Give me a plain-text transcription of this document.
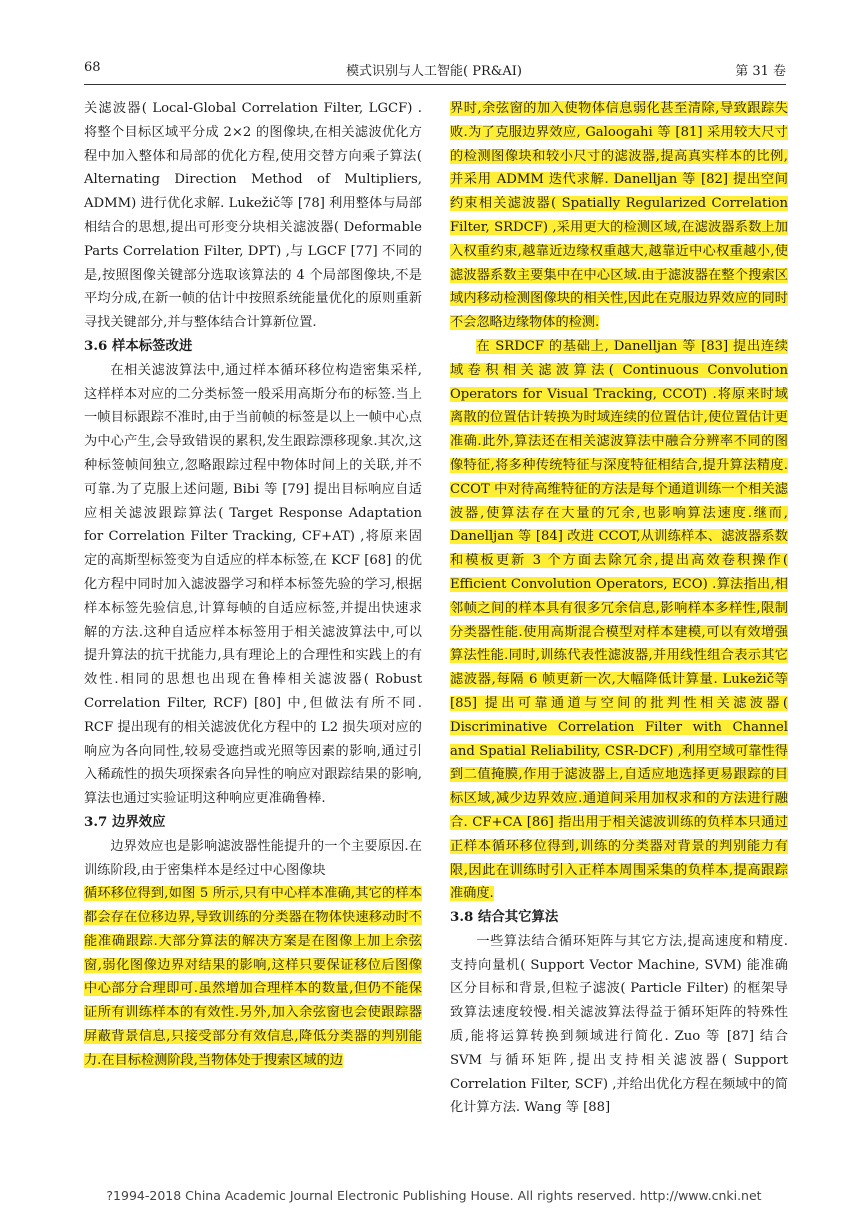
68	模式识别与人工智能( PR&AI)	第 31 卷

关滤波器( Local-Global Correlation Filter, LGCF) .将整个目标区域平分成 2×2 的图像块,在相关滤波优化方程中加入整体和局部的优化方程,使用交替方向乘子算法( Alternating Direction Method of Multipliers, ADMM) 进行优化求解. Lukežič等 [78] 利用整体与局部相结合的思想,提出可形变分块相关滤波器( Deformable Parts Correlation Filter, DPT) ,与 LGCF [77] 不同的是,按照图像关键部分选取该算法的 4 个局部图像块,不是平均分成,在新一帧的估计中按照系统能量优化的原则重新寻找关键部分,并与整体结合计算新位置.

3.6 样本标签改进

在相关滤波算法中,通过样本循环移位构造密集采样,这样样本对应的二分类标签一般采用高斯分布的标签.当上一帧目标跟踪不准时,由于当前帧的标签是以上一帧中心点为中心产生,会导致错误的累积,发生跟踪漂移现象.其次,这种标签帧间独立,忽略跟踪过程中物体时间上的关联,并不可靠.为了克服上述问题, Bibi 等 [79] 提出目标响应自适应相关滤波跟踪算法( Target Response Adaptation for Correlation Filter Tracking, CF+AT) ,将原来固定的高斯型标签变为自适应的样本标签,在 KCF [68] 的优化方程中同时加入滤波器学习和样本标签先验的学习,根据样本标签先验信息,计算每帧的自适应标签,并提出快速求解的方法.这种自适应样本标签用于相关滤波算法中,可以提升算法的抗干扰能力,具有理论上的合理性和实践上的有效性.相同的思想也出现在鲁棒相关滤波器( Robust Correlation Filter, RCF) [80] 中,但做法有所不同. RCF 提出现有的相关滤波优化方程中的 L2 损失项对应的响应为各向同性,较易受遮挡或光照等因素的影响,通过引入稀疏性的损失项探索各向异性的响应对跟踪结果的影响,算法也通过实验证明这种响应更准确鲁棒.

3.7 边界效应

边界效应也是影响滤波器性能提升的一个主要原因.在训练阶段,由于密集样本是经过中心图像块

循环移位得到,如图 5 所示,只有中心样本准确,其它的样本都会存在位移边界,导致训练的分类器在物体快速移动时不能准确跟踪.大部分算法的解决方案是在图像上加上余弦窗,弱化图像边界对结果的影响,这样只要保证移位后图像中心部分合理即可.虽然增加合理样本的数量,但仍不能保证所有训练样本的有效性.另外,加入余弦窗也会使跟踪器屏蔽背景信息,只接受部分有效信息,降低分类器的判别能力.在目标检测阶段,当物体处于搜索区域的边

界时,余弦窗的加入使物体信息弱化甚至清除,导致跟踪失败.为了克服边界效应, Galoogahi 等 [81] 采用较大尺寸的检测图像块和较小尺寸的滤波器,提高真实样本的比例,并采用 ADMM 迭代求解. Danelljan 等 [82] 提出空间约束相关滤波器( Spatially Regularized Correlation Filter, SRDCF) ,采用更大的检测区域,在滤波器系数上加入权重约束,越靠近边缘权重越大,越靠近中心权重越小,使滤波器系数主要集中在中心区域.由于滤波器在整个搜索区域内移动检测图像块的相关性,因此在克服边界效应的同时不会忽略边缘物体的检测.

在 SRDCF 的基础上, Danelljan 等 [83] 提出连续域卷积相关滤波算法( Continuous Convolution Operators for Visual Tracking, CCOT) .将原来时域离散的位置估计转换为时域连续的位置估计,使位置估计更准确.此外,算法还在相关滤波算法中融合分辨率不同的图像特征,将多种传统特征与深度特征相结合,提升算法精度. CCOT 中对待高维特征的方法是每个通道训练一个相关滤波器,使算法存在大量的冗余,也影响算法速度.继而, Danelljan 等 [84] 改进 CCOT,从训练样本、滤波器系数和模板更新 3 个方面去除冗余,提出高效卷积操作( Efficient Convolution Operators, ECO) .算法指出,相邻帧之间的样本具有很多冗余信息,影响样本多样性,限制分类器性能.使用高斯混合模型对样本建模,可以有效增强算法性能.同时,训练代表性滤波器,并用线性组合表示其它滤波器,每隔 6 帧更新一次,大幅降低计算量. Lukežič等 [85] 提出可靠通道与空间的批判性相关滤波器( Discriminative Correlation Filter with Channel and Spatial Reliability, CSR-DCF) ,利用空域可靠性得到二值掩膜,作用于滤波器上,自适应地选择更易跟踪的目标区域,减少边界效应.通道间采用加权求和的方法进行融合. CF+CA [86] 指出用于相关滤波训练的负样本只通过正样本循环移位得到,训练的分类器对背景的判别能力有限,因此在训练时引入正样本周围采集的负样本,提高跟踪准确度.

3.8 结合其它算法

一些算法结合循环矩阵与其它方法,提高速度和精度.支持向量机( Support Vector Machine, SVM) 能准确区分目标和背景,但粒子滤波( Particle Filter) 的框架导致算法速度较慢.相关滤波算法得益于循环矩阵的特殊性质,能将运算转换到频域进行简化. Zuo 等 [87] 结合 SVM 与循环矩阵,提出支持相关滤波器( Support Correlation Filter, SCF) ,并给出优化方程在频域中的简化计算方法. Wang 等 [88]

?1994-2018 China Academic Journal Electronic Publishing House. All rights reserved. http://www.cnki.net
